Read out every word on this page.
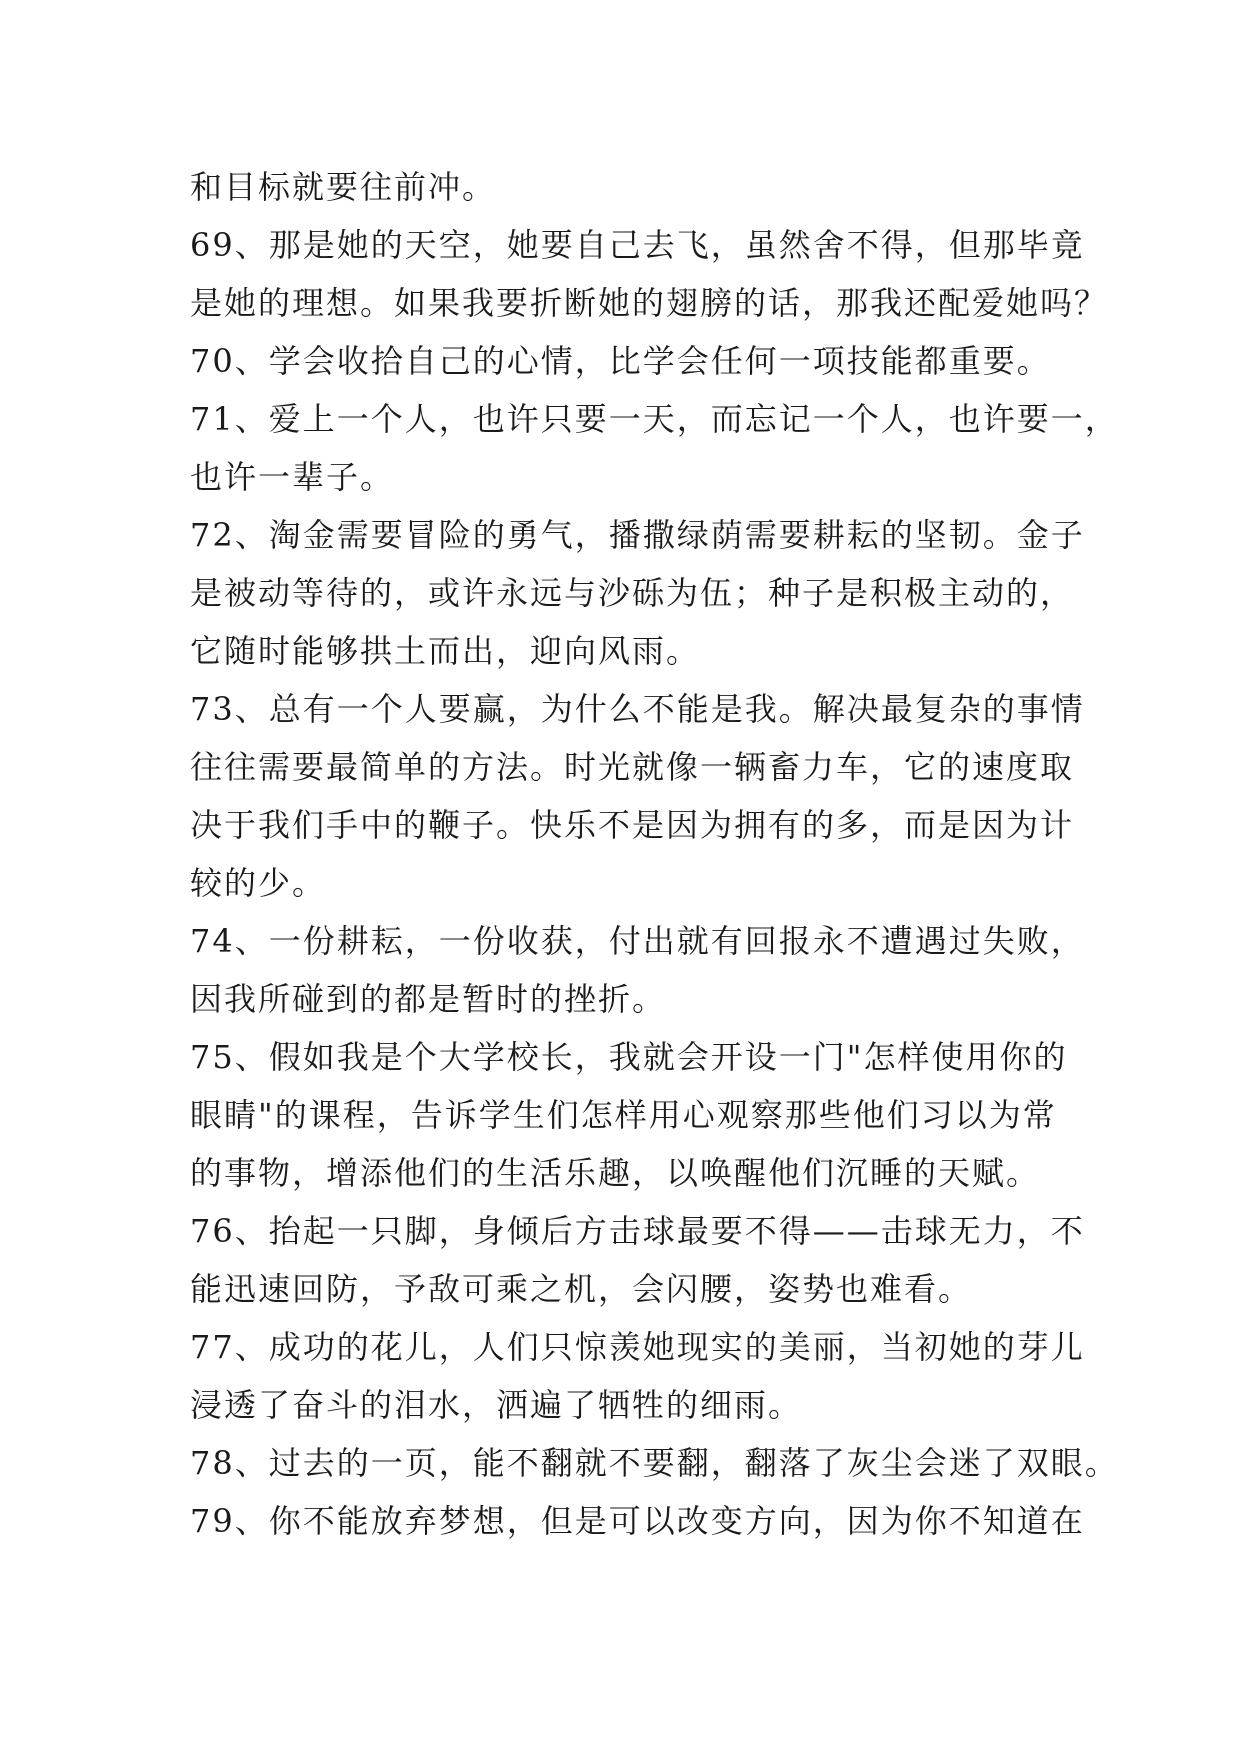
和目标就要往前冲。
69、那是她的天空，她要自己去飞，虽然舍不得，但那毕竟
是她的理想。如果我要折断她的翅膀的话，那我还配爱她吗？
70、学会收拾自己的心情，比学会任何一项技能都重要。
71、爱上一个人，也许只要一天，而忘记一个人，也许要一，
也许一辈子。
72、淘金需要冒险的勇气，播撒绿荫需要耕耘的坚韧。金子
是被动等待的，或许永远与沙砾为伍；种子是积极主动的，
它随时能够拱土而出，迎向风雨。
73、总有一个人要赢，为什么不能是我。解决最复杂的事情
往往需要最简单的方法。时光就像一辆畜力车，它的速度取
决于我们手中的鞭子。快乐不是因为拥有的多，而是因为计
较的少。
74、一份耕耘，一份收获，付出就有回报永不遭遇过失败，
因我所碰到的都是暂时的挫折。
75、假如我是个大学校长，我就会开设一门"怎样使用你的
眼睛"的课程，告诉学生们怎样用心观察那些他们习以为常
的事物，增添他们的生活乐趣，以唤醒他们沉睡的天赋。
76、抬起一只脚，身倾后方击球最要不得——击球无力，不
能迅速回防，予敌可乘之机，会闪腰，姿势也难看。
77、成功的花儿，人们只惊羡她现实的美丽，当初她的芽儿
浸透了奋斗的泪水，洒遍了牺牲的细雨。
78、过去的一页，能不翻就不要翻，翻落了灰尘会迷了双眼。
79、你不能放弃梦想，但是可以改变方向，因为你不知道在
